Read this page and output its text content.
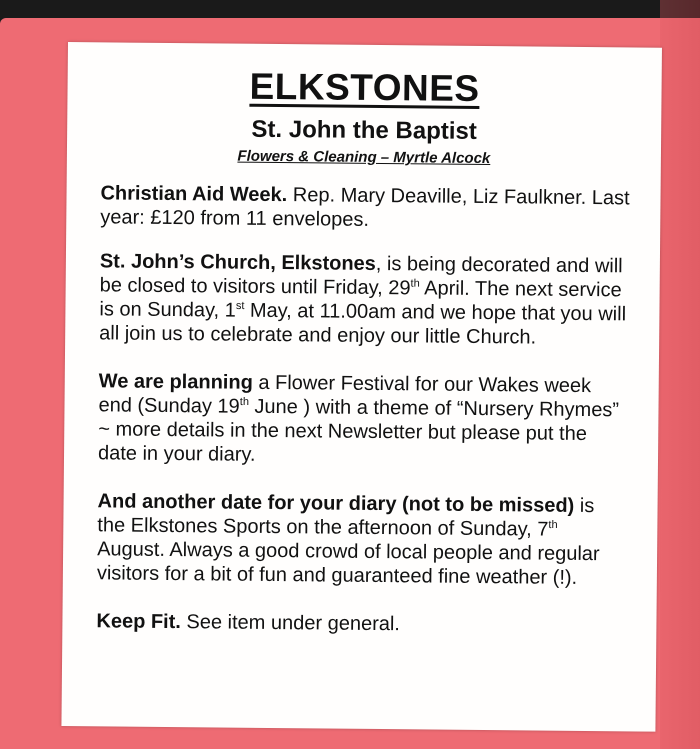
ELKSTONES
St. John the Baptist
Flowers & Cleaning – Myrtle Alcock

Christian Aid Week. Rep. Mary Deaville, Liz Faulkner. Last year: £120 from 11 envelopes.

St. John’s Church, Elkstones, is being decorated and will be closed to visitors until Friday, 29th April. The next service is on Sunday, 1st May, at 11.00am and we hope that you will all join us to celebrate and enjoy our little Church.

We are planning a Flower Festival for our Wakes week end (Sunday 19th June ) with a theme of “Nursery Rhymes” ~ more details in the next Newsletter but please put the date in your diary.

And another date for your diary (not to be missed) is the Elkstones Sports on the afternoon of Sunday, 7th August. Always a good crowd of local people and regular visitors for a bit of fun and guaranteed fine weather (!).

Keep Fit. See item under general.
